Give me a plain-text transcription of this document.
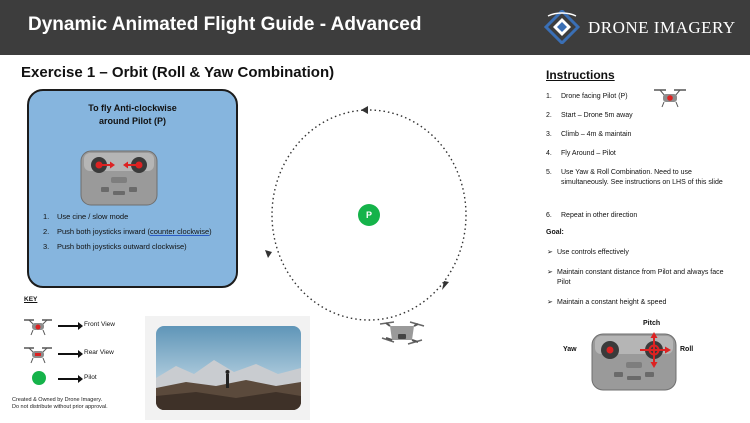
Dynamic Animated Flight Guide - Advanced	DRONE IMAGERY
Exercise 1 – Orbit (Roll & Yaw Combination)
To fly Anti-clockwise
around Pilot (P)
1. Use cine / slow mode
2. Push both joysticks inward (counter clockwise)
3. Push both joysticks outward clockwise)
KEY
Front View
Rear View
Pilot
Created & Owned by Drone Imagery.
Do not distribute without prior approval.
P
Instructions
1. Drone facing Pilot (P)
2. Start – Drone 5m away
3. Climb – 4m & maintain
4. Fly Around – Pilot
5. Use Yaw & Roll Combination. Need to use simultaneously. See instructions on LHS of this slide
6. Repeat in other direction
Goal:
➢ Use controls effectively
➢ Maintain constant distance from Pilot and always face Pilot
➢ Maintain a constant height & speed
Pitch
Yaw	Roll
